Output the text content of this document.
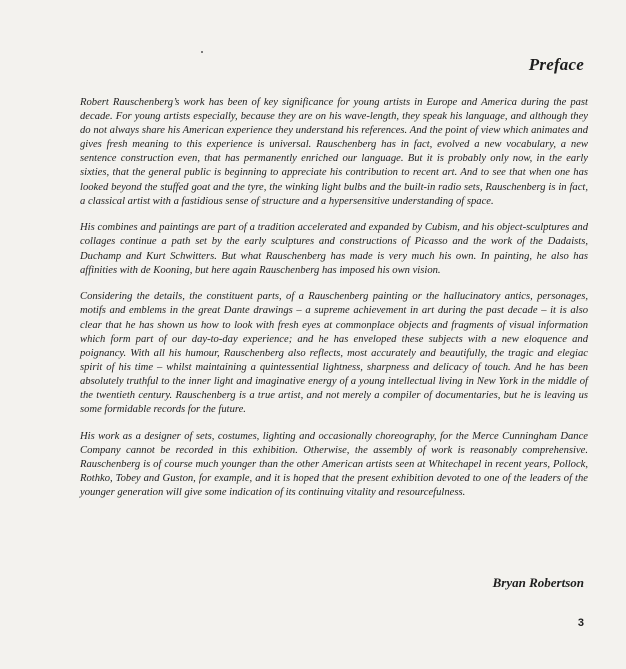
Preface

Robert Rauschenberg’s work has been of key significance for young artists in Europe and America during the past decade. For young artists especially, because they are on his wave-length, they speak his language, and although they do not always share his American experience they understand his references. And the point of view which animates and gives fresh meaning to this experience is universal. Rauschenberg has in fact, evolved a new vocabulary, a new sentence construction even, that has permanently enriched our language. But it is probably only now, in the early sixties, that the general public is beginning to appreciate his contribution to recent art. And to see that when one has looked beyond the stuffed goat and the tyre, the winking light bulbs and the built-in radio sets, Rauschenberg is in fact, a classical artist with a fastidious sense of structure and a hypersensitive understanding of space.

His combines and paintings are part of a tradition accelerated and expanded by Cubism, and his object-sculptures and collages continue a path set by the early sculptures and constructions of Picasso and the work of the Dadaists, Duchamp and Kurt Schwitters. But what Rauschenberg has made is very much his own. In painting, he also has affinities with de Kooning, but here again Rauschenberg has imposed his own vision.

Considering the details, the constituent parts, of a Rauschenberg painting or the hallucinatory antics, personages, motifs and emblems in the great Dante drawings – a supreme achievement in art during the past decade – it is also clear that he has shown us how to look with fresh eyes at commonplace objects and fragments of visual information which form part of our day-to-day experience; and he has enveloped these subjects with a new eloquence and poignancy. With all his humour, Rauschenberg also reflects, most accurately and beautifully, the tragic and elegiac spirit of his time – whilst maintaining a quintessential lightness, sharpness and delicacy of touch. And he has been absolutely truthful to the inner light and imaginative energy of a young intellectual living in New York in the middle of the twentieth century. Rauschenberg is a true artist, and not merely a compiler of documentaries, but he is leaving us some formidable records for the future.

His work as a designer of sets, costumes, lighting and occasionally choreography, for the Merce Cunningham Dance Company cannot be recorded in this exhibition. Otherwise, the assembly of work is reasonably comprehensive. Rauschenberg is of course much younger than the other American artists seen at Whitechapel in recent years, Pollock, Rothko, Tobey and Guston, for example, and it is hoped that the present exhibition devoted to one of the leaders of the younger generation will give some indication of its continuing vitality and resourcefulness.

Bryan Robertson

3
